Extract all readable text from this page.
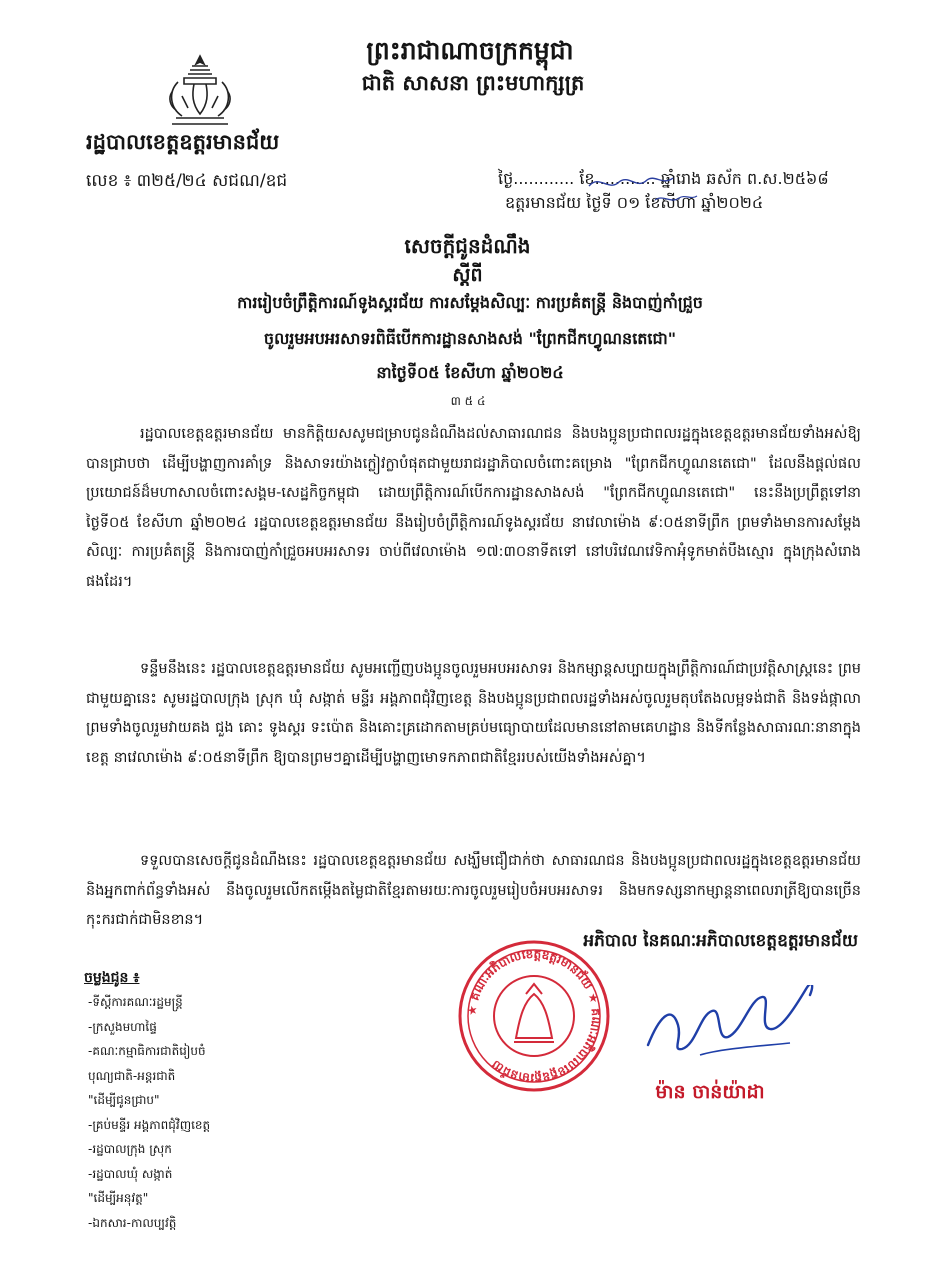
ព្រះរាជាណាចក្រកម្ពុជា
ជាតិ សាសនា ព្រះមហាក្សត្រ
រដ្ឋបាលខេត្តឧត្តរមានជ័យ
លេខ ៖ ៣២៥/២៤ សជណ/ឧជ	ថ្ងៃ............ ខែ............ ឆ្នាំរោង ឆស័ក ព.ស.២៥៦៨
ឧត្តរមានជ័យ ថ្ងៃទី ០១ ខែសីហា ឆ្នាំ២០២៤
សេចក្តីជូនដំណឹង
ស្តីពី
ការរៀបចំព្រឹត្តិការណ៍ទូងស្គរជ័យ ការសម្តែងសិល្បៈ ការប្រគំតន្ត្រី និងបាញ់កាំជ្រួច
ចូលរួមអបអរសាទរពិធីបើកការដ្ឋានសាងសង់ "ព្រែកជីកហ្វូណនតេជោ"
នាថ្ងៃទី០៥ ខែសីហា ឆ្នាំ២០២៤
៣ ៥ ៤
រដ្ឋបាលខេត្តឧត្តរមានជ័យ មានកិត្តិយសសូមជម្រាបជូនដំណឹងដល់សាធារណជន និងបងប្អូនប្រជាពលរដ្ឋក្នុងខេត្តឧត្តរមានជ័យទាំងអស់ឱ្យបានជ្រាបថា ដើម្បីបង្ហាញការគាំទ្រ និងសាទរយ៉ាងក្លៀវក្លាបំផុតជាមួយរាជរដ្ឋាភិបាលចំពោះគម្រោង "ព្រែកជីកហ្វូណនតេជោ" ដែលនឹងផ្តល់ផលប្រយោជន៍ដ៏មហាសាលចំពោះសង្គម-សេដ្ឋកិច្ចកម្ពុជា ដោយព្រឹត្តិការណ៍បើកការដ្ឋានសាងសង់ "ព្រែកជីកហ្វូណនតេជោ" នេះនឹងប្រព្រឹត្តទៅនាថ្ងៃទី០៥ ខែសីហា ឆ្នាំ២០២៤ រដ្ឋបាលខេត្តឧត្តរមានជ័យ នឹងរៀបចំព្រឹត្តិការណ៍ទូងស្គរជ័យ នាវេលាម៉ោង ៩:០៥នាទីព្រឹក ព្រមទាំងមានការសម្តែងសិល្បៈ ការប្រគំតន្ត្រី និងការបាញ់កាំជ្រួចអបអរសាទរ ចាប់ពីវេលាម៉ោង ១៧:៣០នាទីតទៅ នៅបរិវេណវេទិកាអុំទូកមាត់បឹងស្មោរ ក្នុងក្រុងសំរោងផងដែរ។
ទន្ទឹមនឹងនេះ រដ្ឋបាលខេត្តឧត្តរមានជ័យ សូមអញ្ជើញបងប្អូនចូលរួមអបអរសាទរ និងកម្សាន្តសប្បាយក្នុងព្រឹត្តិការណ៍ជាប្រវត្តិសាស្ត្រនេះ ព្រមជាមួយគ្នានេះ សូមរដ្ឋបាលក្រុង ស្រុក ឃុំ សង្កាត់ មន្ទីរ អង្គភាពជុំវិញខេត្ត និងបងប្អូនប្រជាពលរដ្ឋទាំងអស់ចូលរួមតុបតែងលម្អទង់ជាតិ និងទង់ផ្កាលា ព្រមទាំងចូលរួមវាយគង ជួង គោះ ទូងស្គរ ទះប៉ោត និងគោះគ្រដោកតាមគ្រប់មធ្យោបាយដែលមាននៅតាមគេហដ្ឋាន និងទីកន្លែងសាធារណៈនានាក្នុងខេត្ត នាវេលាម៉ោង ៩:០៥នាទីព្រឹក ឱ្យបានព្រមៗគ្នាដើម្បីបង្ហាញមោទកភាពជាតិខ្មែររបស់យើងទាំងអស់គ្នា។
ទទួលបានសេចក្តីជូនដំណឹងនេះ រដ្ឋបាលខេត្តឧត្តរមានជ័យ សង្ឃឹមជឿជាក់ថា សាធារណជន និងបងប្អូនប្រជាពលរដ្ឋក្នុងខេត្តឧត្តរមានជ័យ និងអ្នកពាក់ព័ន្ធទាំងអស់ នឹងចូលរួមលើកតម្កើងតម្លៃជាតិខ្មែរតាមរយៈការចូលរួមរៀបចំអបអរសាទរ និងមកទស្សនាកម្សាន្តនាពេលរាត្រីឱ្យបានច្រើនកុះករជាក់ជាមិនខាន។
អភិបាល នៃគណៈអភិបាលខេត្តឧត្តរមានជ័យ
★ គណៈអភិបាលខេត្តឧត្តរមានជ័យ ★ គណៈអភិបាលខេត្តឧត្តរមានជ័យ
ម៉ាន ចាន់យ៉ាដា
ចម្លងជូន ៖
-ទីស្តីការគណៈរដ្ឋមន្ត្រី
-ក្រសួងមហាផ្ទៃ
-គណៈកម្មាធិការជាតិរៀបចំ
បុណ្យជាតិ-អន្តរជាតិ
"ដើម្បីជូនជ្រាប"
-គ្រប់មន្ទីរ អង្គភាពជុំវិញខេត្ត
-រដ្ឋបាលក្រុង ស្រុក
-រដ្ឋបាលឃុំ សង្កាត់
"ដើម្បីអនុវត្ត"
-ឯកសារ-កាលប្បវត្តិ
